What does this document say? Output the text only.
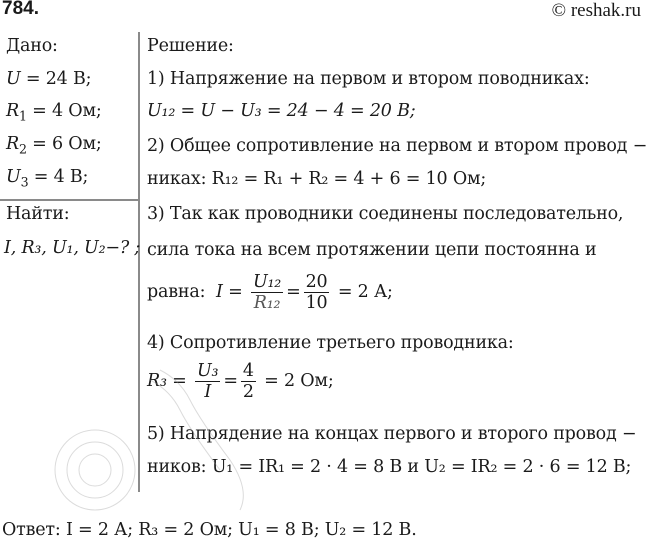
784.	© reshak.ru
Дано:
U = 24 В;
$R_1 = 4$ Ом;
$R_2 = 6$ Ом;
$U_3 = 4$ В;
Найти:
I, R₃, U₁, U₂−? ;
Решение:
1) Напряжение на первом и втором поводниках:
U₁₂ = U − U₃ = 24 − 4 = 20 В;
2) Общее сопротивление на первом и втором провод −
никах: R₁₂ = R₁ + R₂ = 4 + 6 = 10 Ом;
3) Так как проводники соединены последовательно,
сила тока на всем протяжении цепи постоянна и
равна: $I = \frac{\text{U₁₂}}{\text{R₁₂}} = \frac{20}{10} = 2$ А;
4) Сопротивление третьего проводника:
$R_3 = \frac{\text{U₃}}{I} = \frac{4}{2} = 2$ Ом;
5) Напрядение на концах первого и второго провод −
ников: U₁ = IR₁ = 2 · 4 = 8 В и U₂ = IR₂ = 2 · 6 = 12 В;
Ответ: I = 2 А; R₃ = 2 Ом; U₁ = 8 В; U₂ = 12 В.
